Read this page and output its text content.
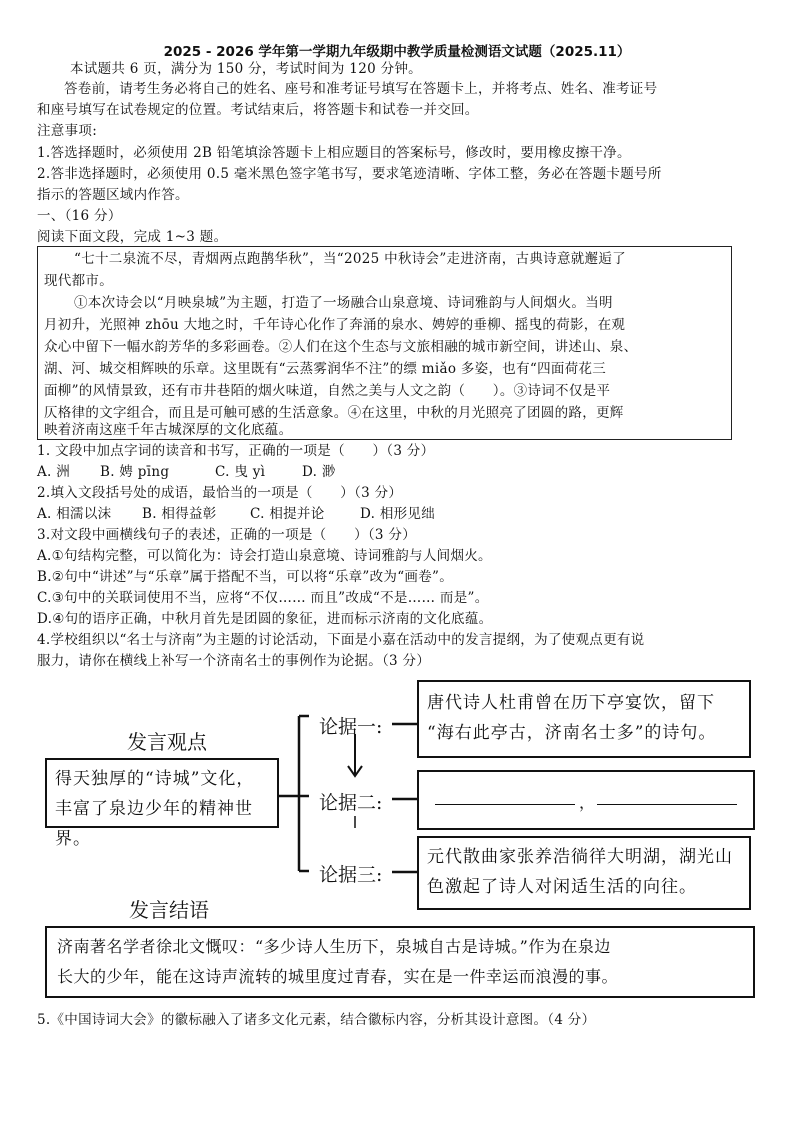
2025 - 2026 学年第一学期九年级期中教学质量检测语文试题（2025.11）
本试题共 6 页，满分为 150 分，考试时间为 120 分钟。
答卷前，请考生务必将自己的姓名、座号和准考证号填写在答题卡上，并将考点、姓名、准考证号
和座号填写在试卷规定的位置。考试结束后，将答题卡和试卷一并交回。
注意事项:
1.答选择题时，必须使用 2B 铅笔填涂答题卡上相应题目的答案标号，修改时，要用橡皮擦干净。
2.答非选择题时，必须使用 0.5 毫米黑色签字笔书写，要求笔迹清晰、字体工整，务必在答题卡题号所
指示的答题区域内作答。
一、（16 分）
阅读下面文段，完成 1~3 题。
“七十二泉流不尽，青烟两点跑鹊华秋”，当“2025 中秋诗会”走进济南，古典诗意就邂逅了
现代都市。
①本次诗会以“月映泉城”为主题，打造了一场融合山泉意境、诗词雅韵与人间烟火。当明
月初升，光照神 zhōu 大地之时，千年诗心化作了奔涌的泉水、娉婷的垂柳、摇曳的荷影，在观
众心中留下一幅水韵芳华的多彩画卷。②人们在这个生态与文旅相融的城市新空间，讲述山、泉、
湖、河、城交相辉映的乐章。这里既有“云蒸雾润华不注”的缥 miǎo 多姿，也有“四面荷花三
面柳”的风情景致，还有市井巷陌的烟火味道，自然之美与人文之韵（　　）。③诗词不仅是平
仄格律的文字组合，而且是可触可感的生活意象。④在这里，中秋的月光照亮了团圆的路，更辉
映着济南这座千年古城深厚的文化底蕴。
1. 文段中加点字词的读音和书写，正确的一项是（　　）（3 分）
A. 洲 B. 娉 pīng	C. 曳 yì	D. 渺
2.填入文段括号处的成语，最恰当的一项是（　　）（3 分）
A. 相濡以沫 B. 相得益彰 C. 相提并论	D. 相形见绌
3.对文段中画横线句子的表述，正确的一项是（　　）（3 分）
A.①句结构完整，可以简化为：诗会打造山泉意境、诗词雅韵与人间烟火。
B.②句中“讲述”与“乐章”属于搭配不当，可以将“乐章”改为“画卷”。
C.③句中的关联词使用不当，应将“不仅…… 而且”改成“不是…… 而是”。
D.④句的语序正确，中秋月首先是团圆的象征，进而标示济南的文化底蕴。
4.学校组织以“名士与济南”为主题的讨论活动，下面是小嘉在活动中的发言提纲，为了使观点更有说
服力，请你在横线上补写一个济南名士的事例作为论据。（3 分）
发言观点
得天独厚的“诗城”文化，
丰富了泉边少年的精神世界。
论据一:
唐代诗人杜甫曾在历下亭宴饮，留下
“海右此亭古，济南名士多”的诗句。
论据二:	，
论据三:
元代散曲家张养浩徜徉大明湖，湖光山
色激起了诗人对闲适生活的向往。
发言结语
济南著名学者徐北文慨叹：“多少诗人生历下，泉城自古是诗城。”作为在泉边
长大的少年，能在这诗声流转的城里度过青春，实在是一件幸运而浪漫的事。
5.《中国诗词大会》的徽标融入了诸多文化元素，结合徽标内容，分析其设计意图。（4 分）
